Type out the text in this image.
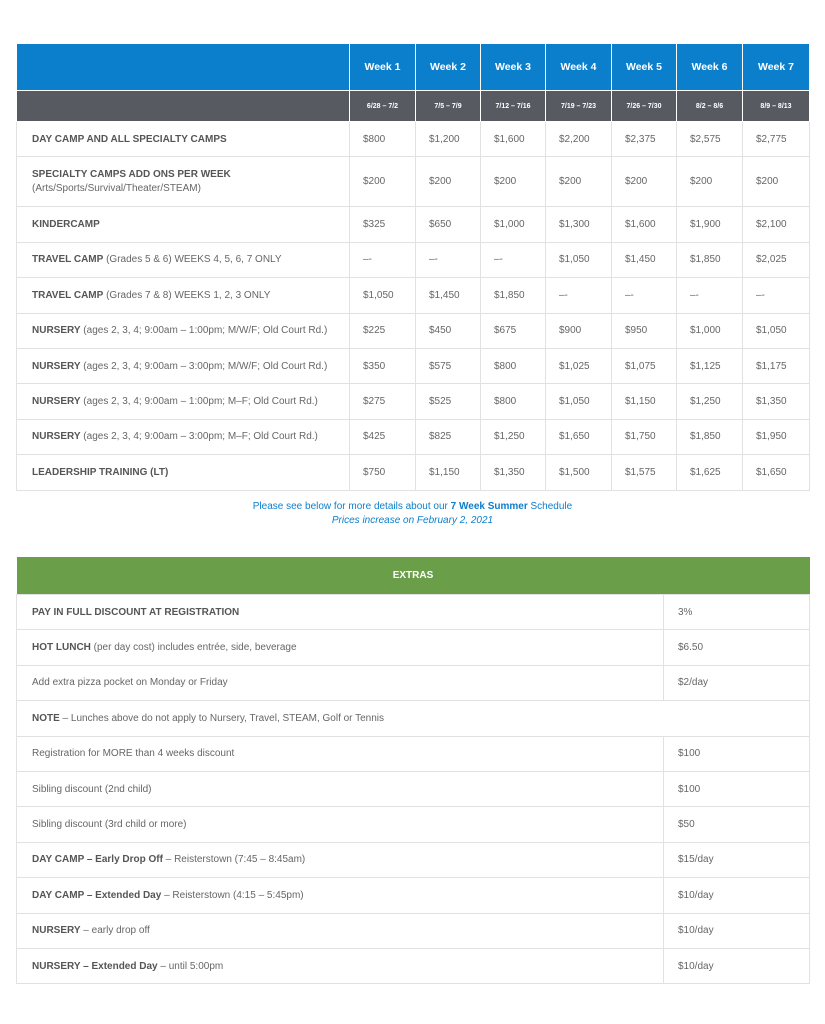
	Week 1	Week 2	Week 3	Week 4	Week 5	Week 6	Week 7
	6/28 – 7/2	7/5 – 7/9	7/12 – 7/16	7/19 – 7/23	7/26 – 7/30	8/2 – 8/6	8/9 – 8/13
DAY CAMP AND ALL SPECIALTY CAMPS	$800	$1,200	$1,600	$2,200	$2,375	$2,575	$2,775
SPECIALTY CAMPS ADD ONS PER WEEK
(Arts/Sports/Survival/Theater/STEAM)	$200	$200	$200	$200	$200	$200	$200
KINDERCAMP	$325	$650	$1,000	$1,300	$1,600	$1,900	$2,100
TRAVEL CAMP (Grades 5 & 6) WEEKS 4, 5, 6, 7 ONLY	–-	–-	–-	$1,050	$1,450	$1,850	$2,025
TRAVEL CAMP (Grades 7 & 8) WEEKS 1, 2, 3 ONLY	$1,050	$1,450	$1,850	–-	–-	–-	–-
NURSERY (ages 2, 3, 4; 9:00am – 1:00pm; M/W/F; Old Court Rd.)	$225	$450	$675	$900	$950	$1,000	$1,050
NURSERY (ages 2, 3, 4; 9:00am – 3:00pm; M/W/F; Old Court Rd.)	$350	$575	$800	$1,025	$1,075	$1,125	$1,175
NURSERY (ages 2, 3, 4; 9:00am – 1:00pm; M–F; Old Court Rd.)	$275	$525	$800	$1,050	$1,150	$1,250	$1,350
NURSERY (ages 2, 3, 4; 9:00am – 3:00pm; M–F; Old Court Rd.)	$425	$825	$1,250	$1,650	$1,750	$1,850	$1,950
LEADERSHIP TRAINING (LT)	$750	$1,150	$1,350	$1,500	$1,575	$1,625	$1,650
Please see below for more details about our 7 Week Summer Schedule
Prices increase on February 2, 2021
EXTRAS	
PAY IN FULL DISCOUNT AT REGISTRATION	3%
HOT LUNCH (per day cost) includes entrée, side, beverage	$6.50
Add extra pizza pocket on Monday or Friday	$2/day
NOTE – Lunches above do not apply to Nursery, Travel, STEAM, Golf or Tennis	
Registration for MORE than 4 weeks discount	$100
Sibling discount (2nd child)	$100
Sibling discount (3rd child or more)	$50
DAY CAMP – Early Drop Off – Reisterstown (7:45 – 8:45am)	$15/day
DAY CAMP – Extended Day – Reisterstown (4:15 – 5:45pm)	$10/day
NURSERY – early drop off	$10/day
NURSERY – Extended Day – until 5:00pm	$10/day
